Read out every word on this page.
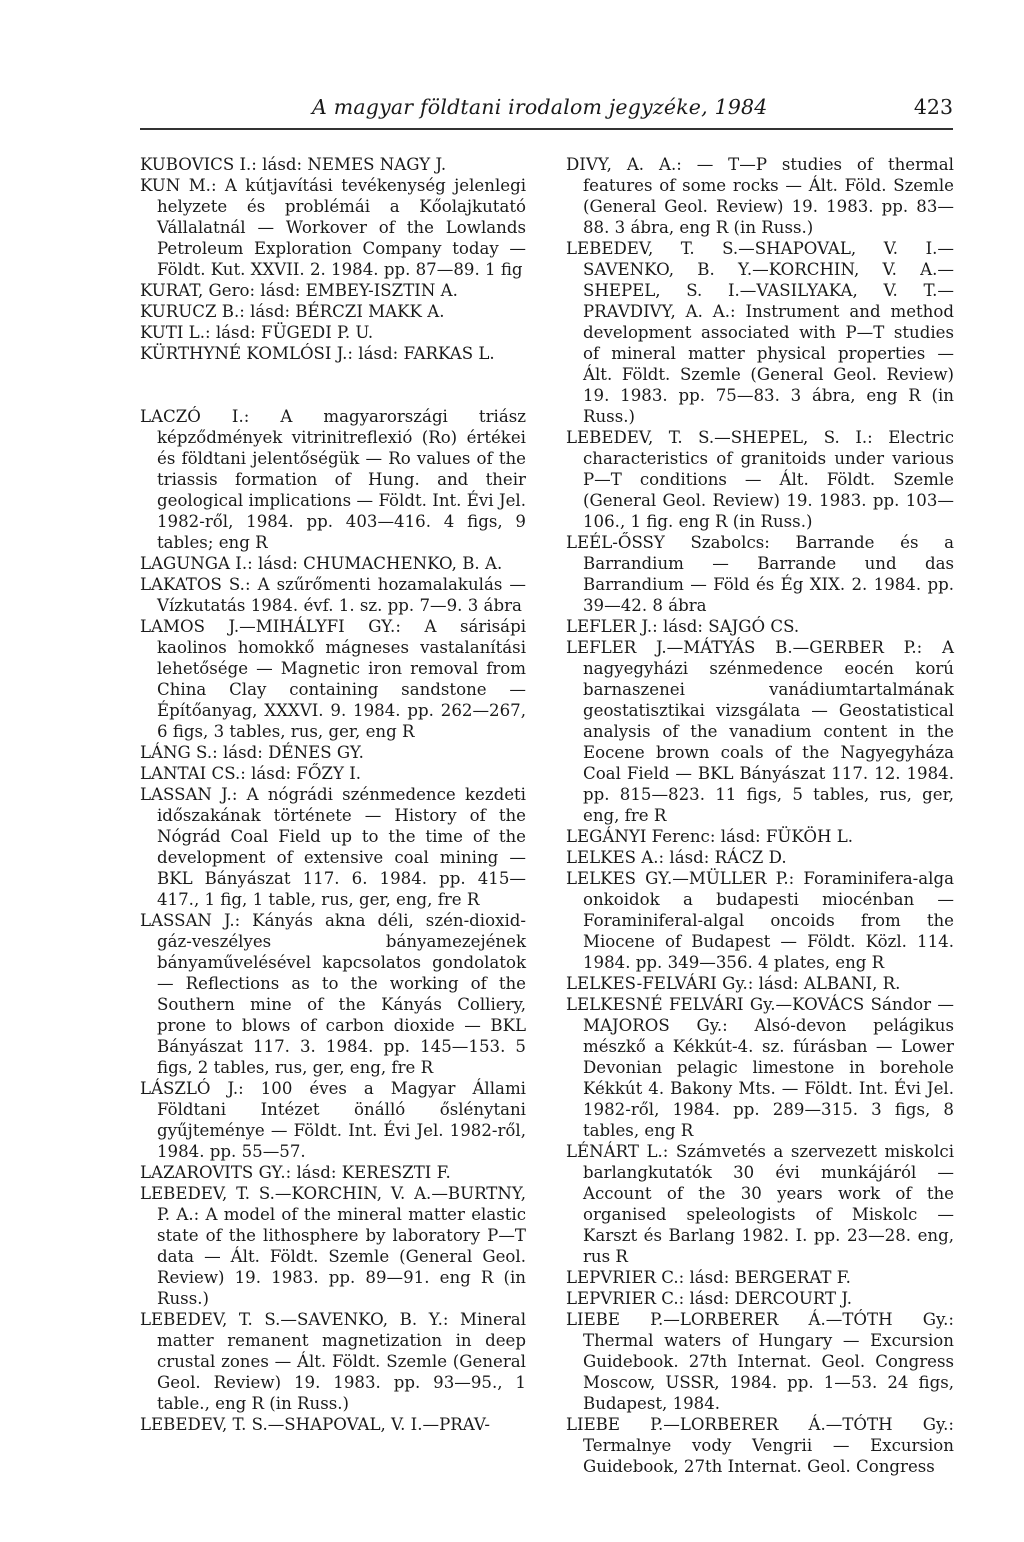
A magyar földtani irodalom jegyzéke, 1984	423

KUBOVICS I.: lásd: NEMES NAGY J.

KUN M.: A kútjavítási tevékenység jelenlegi helyzete és problémái a Kőolajkutató Vállalatnál — Workover of the Lowlands Petroleum Exploration Company today — Földt. Kut. XXVII. 2. 1984. pp. 87—89. 1 fig

KURAT, Gero: lásd: EMBEY-ISZTIN A.

KURUCZ B.: lásd: BÉRCZI MAKK A.

KUTI L.: lásd: FÜGEDI P. U.

KÜRTHYNÉ KOMLÓSI J.: lásd: FARKAS L.

LACZÓ I.: A magyarországi triász képződmények vitrinitreflexió (Ro) értékei és földtani jelentőségük — Ro values of the triassis formation of Hung. and their geological implications — Földt. Int. Évi Jel. 1982-ről, 1984. pp. 403—416. 4 figs, 9 tables; eng R

LAGUNGA I.: lásd: CHUMACHENKO, B. A.

LAKATOS S.: A szűrőmenti hozamalakulás — Vízkutatás 1984. évf. 1. sz. pp. 7—9. 3 ábra

LAMOS J.—MIHÁLYFI GY.: A sárisápi kaolinos homokkő mágneses vastalanítási lehetősége — Magnetic iron removal from China Clay containing sandstone — Építőanyag, XXXVI. 9. 1984. pp. 262—267, 6 figs, 3 tables, rus, ger, eng R

LÁNG S.: lásd: DÉNES GY.

LANTAI CS.: lásd: FŐZY I.

LASSAN J.: A nógrádi szénmedence kezdeti időszakának története — History of the Nógrád Coal Field up to the time of the development of extensive coal mining — BKL Bányászat 117. 6. 1984. pp. 415—417., 1 fig, 1 table, rus, ger, eng, fre R

LASSAN J.: Kányás akna déli, szén-dioxid-gáz-veszélyes bányamezejének bányaművelésével kapcsolatos gondolatok — Reflections as to the working of the Southern mine of the Kányás Colliery, prone to blows of carbon dioxide — BKL Bányászat 117. 3. 1984. pp. 145—153. 5 figs, 2 tables, rus, ger, eng, fre R

LÁSZLÓ J.: 100 éves a Magyar Állami Földtani Intézet önálló őslénytani gyűjteménye — Földt. Int. Évi Jel. 1982-ről, 1984. pp. 55—57.

LAZAROVITS GY.: lásd: KERESZTI F.

LEBEDEV, T. S.—KORCHIN, V. A.—BURTNY, P. A.: A model of the mineral matter elastic state of the lithosphere by laboratory P—T data — Ált. Földt. Szemle (General Geol. Review) 19. 1983. pp. 89—91. eng R (in Russ.)

LEBEDEV, T. S.—SAVENKO, B. Y.: Mineral matter remanent magnetization in deep crustal zones — Ált. Földt. Szemle (General Geol. Review) 19. 1983. pp. 93—95., 1 table., eng R (in Russ.)

LEBEDEV, T. S.—SHAPOVAL, V. I.—PRAV-

DIVY, A. A.: — T—P studies of thermal features of some rocks — Ált. Föld. Szemle (General Geol. Review) 19. 1983. pp. 83—88. 3 ábra, eng R (in Russ.)

LEBEDEV, T. S.—SHAPOVAL, V. I.—SAVENKO, B. Y.—KORCHIN, V. A.—SHEPEL, S. I.—VASILYAKA, V. T.—PRAVDIVY, A. A.: Instrument and method development associated with P—T studies of mineral matter physical properties — Ált. Földt. Szemle (General Geol. Review) 19. 1983. pp. 75—83. 3 ábra, eng R (in Russ.)

LEBEDEV, T. S.—SHEPEL, S. I.: Electric characteristics of granitoids under various P—T conditions — Ált. Földt. Szemle (General Geol. Review) 19. 1983. pp. 103—106., 1 fig. eng R (in Russ.)

LEÉL-ŐSSY Szabolcs: Barrande és a Barrandium — Barrande und das Barrandium — Föld és Ég XIX. 2. 1984. pp. 39—42. 8 ábra

LEFLER J.: lásd: SAJGÓ CS.

LEFLER J.—MÁTYÁS B.—GERBER P.: A nagyegyházi szénmedence eocén korú barnaszenei vanádiumtartalmának geostatisztikai vizsgálata — Geostatistical analysis of the vanadium content in the Eocene brown coals of the Nagyegyháza Coal Field — BKL Bányászat 117. 12. 1984. pp. 815—823. 11 figs, 5 tables, rus, ger, eng, fre R

LEGÁNYI Ferenc: lásd: FÜKÖH L.

LELKES A.: lásd: RÁCZ D.

LELKES GY.—MÜLLER P.: Foraminifera-alga onkoidok a budapesti miocénban — Foraminiferal-algal oncoids from the Miocene of Budapest — Földt. Közl. 114. 1984. pp. 349—356. 4 plates, eng R

LELKES-FELVÁRI Gy.: lásd: ALBANI, R.

LELKESNÉ FELVÁRI Gy.—KOVÁCS Sándor —MAJOROS Gy.: Alsó-devon pelágikus mészkő a Kékkút-4. sz. fúrásban — Lower Devonian pelagic limestone in borehole Kékkút 4. Bakony Mts. — Földt. Int. Évi Jel. 1982-ről, 1984. pp. 289—315. 3 figs, 8 tables, eng R

LÉNÁRT L.: Számvetés a szervezett miskolci barlangkutatók 30 évi munkájáról — Account of the 30 years work of the organised speleologists of Miskolc — Karszt és Barlang 1982. I. pp. 23—28. eng, rus R

LEPVRIER C.: lásd: BERGERAT F.

LEPVRIER C.: lásd: DERCOURT J.

LIEBE P.—LORBERER Á.—TÓTH Gy.: Thermal waters of Hungary — Excursion Guidebook. 27th Internat. Geol. Congress Moscow, USSR, 1984. pp. 1—53. 24 figs, Budapest, 1984.

LIEBE P.—LORBERER Á.—TÓTH Gy.: Termalnye vody Vengrii — Excursion Guidebook, 27th Internat. Geol. Congress
